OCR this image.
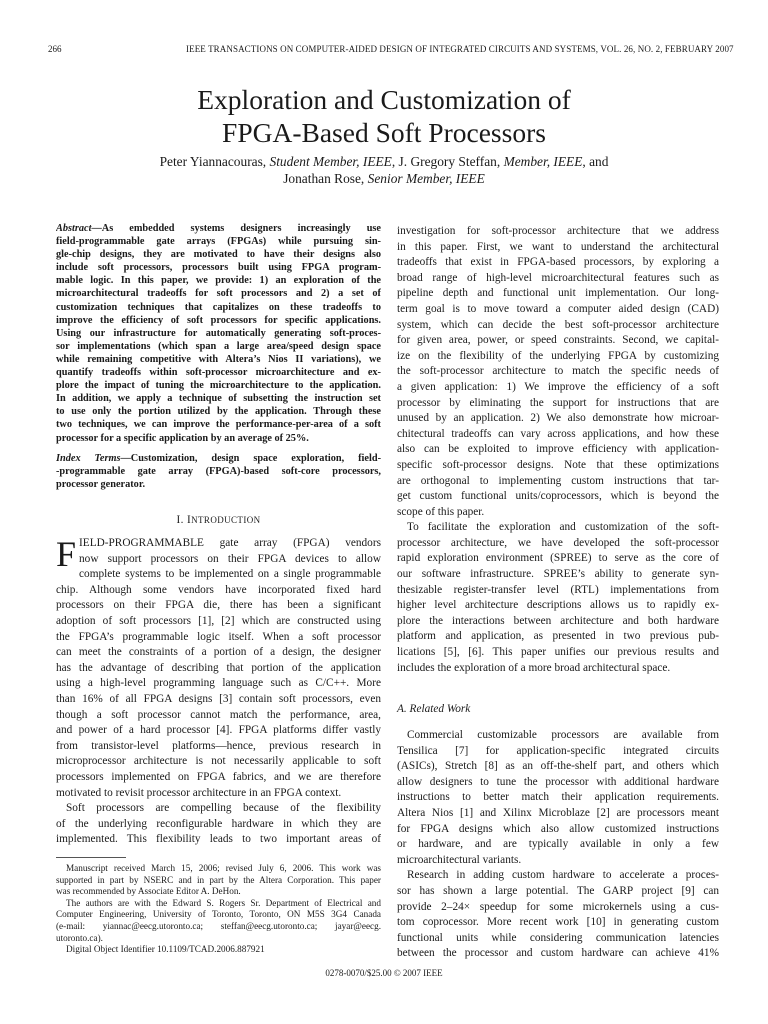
266	IEEE TRANSACTIONS ON COMPUTER-AIDED DESIGN OF INTEGRATED CIRCUITS AND SYSTEMS, VOL. 26, NO. 2, FEBRUARY 2007
Exploration and Customization of
FPGA-Based Soft Processors
Peter Yiannacouras, Student Member, IEEE, J. Gregory Steffan, Member, IEEE, and
Jonathan Rose, Senior Member, IEEE
Abstract—As embedded systems designers increasingly use
field-programmable gate arrays (FPGAs) while pursuing sin-
gle-chip designs, they are motivated to have their designs also
include soft processors, processors built using FPGA program-
mable logic. In this paper, we provide: 1) an exploration of the
microarchitectural tradeoffs for soft processors and 2) a set of
customization techniques that capitalizes on these tradeoffs to
improve the efficiency of soft processors for specific applications.
Using our infrastructure for automatically generating soft-proces-
sor implementations (which span a large area/speed design space
while remaining competitive with Altera’s Nios II variations), we
quantify tradeoffs within soft-processor microarchitecture and ex-
plore the impact of tuning the microarchitecture to the application.
In addition, we apply a technique of subsetting the instruction set
to use only the portion utilized by the application. Through these
two techniques, we can improve the performance-per-area of a soft
processor for a specific application by an average of 25%.
Index Terms—Customization, design space exploration, field-
-programmable gate array (FPGA)-based soft-core processors,
processor generator.
I. INTRODUCTION
F IELD-PROGRAMMABLE gate array (FPGA) vendors
now support processors on their FPGA devices to allow
complete systems to be implemented on a single programmable
chip. Although some vendors have incorporated fixed hard
processors on their FPGA die, there has been a significant
adoption of soft processors [1], [2] which are constructed using
the FPGA’s programmable logic itself. When a soft processor
can meet the constraints of a portion of a design, the designer
has the advantage of describing that portion of the application
using a high-level programming language such as C/C++. More
than 16% of all FPGA designs [3] contain soft processors, even
though a soft processor cannot match the performance, area,
and power of a hard processor [4]. FPGA platforms differ vastly
from transistor-level platforms—hence, previous research in
microprocessor architecture is not necessarily applicable to soft
processors implemented on FPGA fabrics, and we are therefore
motivated to revisit processor architecture in an FPGA context.
Soft processors are compelling because of the flexibility
of the underlying reconfigurable hardware in which they are
implemented. This flexibility leads to two important areas of
Manuscript received March 15, 2006; revised July 6, 2006. This work was
supported in part by NSERC and in part by the Altera Corporation. This paper
was recommended by Associate Editor A. DeHon.
The authors are with the Edward S. Rogers Sr. Department of Electrical and
Computer Engineering, University of Toronto, Toronto, ON M5S 3G4 Canada
(e-mail: yiannac@eecg.utoronto.ca; steffan@eecg.utoronto.ca; jayar@eecg.
utoronto.ca).
Digital Object Identifier 10.1109/TCAD.2006.887921
investigation for soft-processor architecture that we address
in this paper. First, we want to understand the architectural
tradeoffs that exist in FPGA-based processors, by exploring a
broad range of high-level microarchitectural features such as
pipeline depth and functional unit implementation. Our long-
term goal is to move toward a computer aided design (CAD)
system, which can decide the best soft-processor architecture
for given area, power, or speed constraints. Second, we capital-
ize on the flexibility of the underlying FPGA by customizing
the soft-processor architecture to match the specific needs of
a given application: 1) We improve the efficiency of a soft
processor by eliminating the support for instructions that are
unused by an application. 2) We also demonstrate how microar-
chitectural tradeoffs can vary across applications, and how these
also can be exploited to improve efficiency with application-
specific soft-processor designs. Note that these optimizations
are orthogonal to implementing custom instructions that tar-
get custom functional units/coprocessors, which is beyond the
scope of this paper.
To facilitate the exploration and customization of the soft-
processor architecture, we have developed the soft-processor
rapid exploration environment (SPREE) to serve as the core of
our software infrastructure. SPREE’s ability to generate syn-
thesizable register-transfer level (RTL) implementations from
higher level architecture descriptions allows us to rapidly ex-
plore the interactions between architecture and both hardware
platform and application, as presented in two previous pub-
lications [5], [6]. This paper unifies our previous results and
includes the exploration of a more broad architectural space.
A. Related Work
Commercial customizable processors are available from
Tensilica [7] for application-specific integrated circuits
(ASICs), Stretch [8] as an off-the-shelf part, and others which
allow designers to tune the processor with additional hardware
instructions to better match their application requirements.
Altera Nios [1] and Xilinx Microblaze [2] are processors meant
for FPGA designs which also allow customized instructions
or hardware, and are typically available in only a few
microarchitectural variants.
Research in adding custom hardware to accelerate a proces-
sor has shown a large potential. The GARP project [9] can
provide 2–24× speedup for some microkernels using a cus-
tom coprocessor. More recent work [10] in generating custom
functional units while considering communication latencies
between the processor and custom hardware can achieve 41%
0278-0070/$25.00 © 2007 IEEE
